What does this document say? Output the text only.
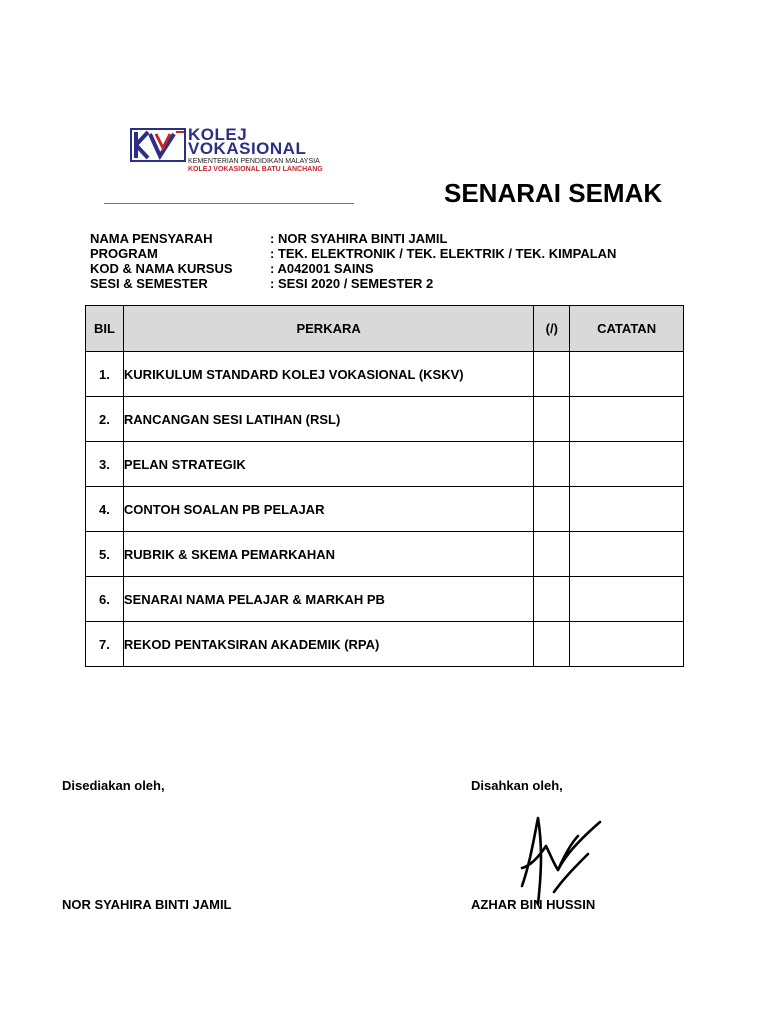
KOLEJ
VOKASIONAL
KEMENTERIAN PENDIDIKAN MALAYSIA
KOLEJ VOKASIONAL BATU LANCHANG
SENARAI SEMAK
NAMA PENSYARAH	: NOR SYAHIRA BINTI JAMIL
PROGRAM	: TEK. ELEKTRONIK / TEK. ELEKTRIK / TEK. KIMPALAN
KOD & NAMA KURSUS	: A042001 SAINS
SESI & SEMESTER	: SESI 2020 / SEMESTER 2
BIL	PERKARA	(/)	CATATAN
1.	KURIKULUM STANDARD KOLEJ VOKASIONAL (KSKV)		
2.	RANCANGAN SESI LATIHAN (RSL)		
3.	PELAN STRATEGIK		
4.	CONTOH SOALAN PB PELAJAR		
5.	RUBRIK & SKEMA PEMARKAHAN		
6.	SENARAI NAMA PELAJAR & MARKAH PB		
7.	REKOD PENTAKSIRAN AKADEMIK (RPA)		
Disediakan oleh,	Disahkan oleh,
NOR SYAHIRA BINTI JAMIL	AZHAR BIN HUSSIN
